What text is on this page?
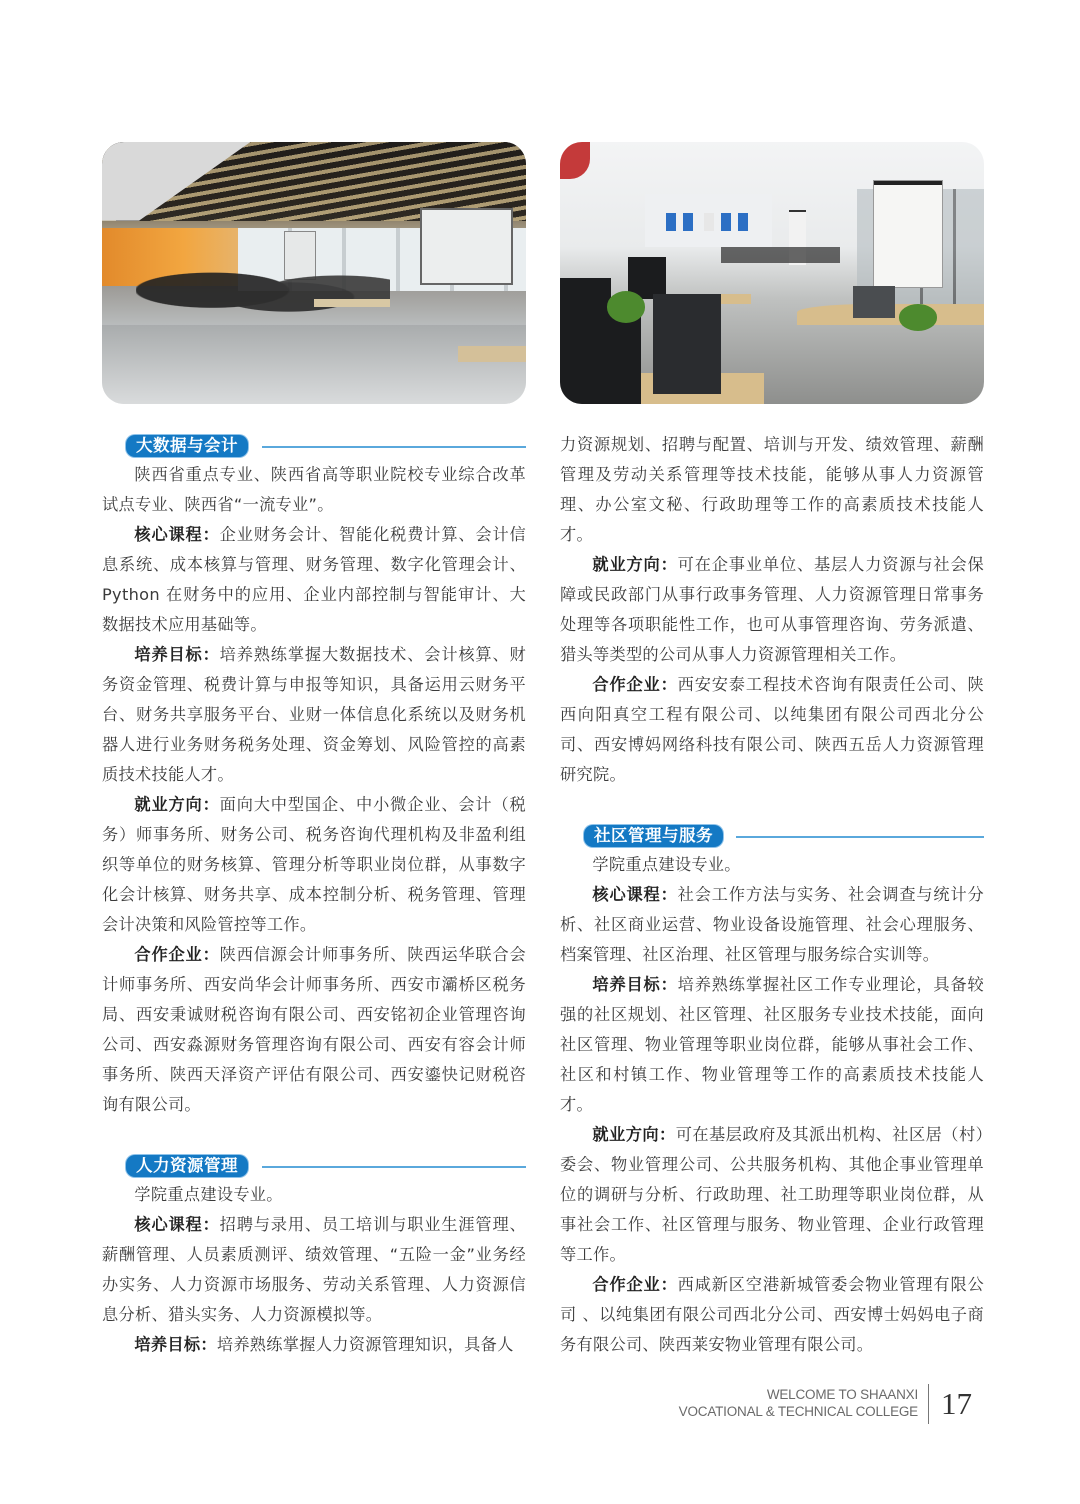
大数据与会计

陕西省重点专业、陕西省高等职业院校专业综合改革试点专业、陕西省“一流专业”。

核心课程：企业财务会计、智能化税费计算、会计信息系统、成本核算与管理、财务管理、数字化管理会计、Python 在财务中的应用、企业内部控制与智能审计、大数据技术应用基础等。

培养目标：培养熟练掌握大数据技术、会计核算、财务资金管理、税费计算与申报等知识，具备运用云财务平台、财务共享服务平台、业财一体信息化系统以及财务机器人进行业务财务税务处理、资金筹划、风险管控的高素质技术技能人才。

就业方向：面向大中型国企、中小微企业、会计（税务）师事务所、财务公司、税务咨询代理机构及非盈利组织等单位的财务核算、管理分析等职业岗位群，从事数字化会计核算、财务共享、成本控制分析、税务管理、管理会计决策和风险管控等工作。

合作企业：陕西信源会计师事务所、陕西运华联合会计师事务所、西安尚华会计师事务所、西安市灞桥区税务局、西安秉诚财税咨询有限公司、西安铭初企业管理咨询公司、西安淼源财务管理咨询有限公司、西安有容会计师事务所、陕西天泽资产评估有限公司、西安鎏快记财税咨询有限公司。

人力资源管理

学院重点建设专业。

核心课程：招聘与录用、员工培训与职业生涯管理、薪酬管理、人员素质测评、绩效管理、“五险一金”业务经办实务、人力资源市场服务、劳动关系管理、人力资源信息分析、猎头实务、人力资源模拟等。

培养目标：培养熟练掌握人力资源管理知识，具备人

力资源规划、招聘与配置、培训与开发、绩效管理、薪酬管理及劳动关系管理等技术技能，能够从事人力资源管理、办公室文秘、行政助理等工作的高素质技术技能人才。

就业方向：可在企事业单位、基层人力资源与社会保障或民政部门从事行政事务管理、人力资源管理日常事务处理等各项职能性工作，也可从事管理咨询、劳务派遣、猎头等类型的公司从事人力资源管理相关工作。

合作企业：西安安泰工程技术咨询有限责任公司、陕西向阳真空工程有限公司、以纯集团有限公司西北分公司、西安博妈网络科技有限公司、陕西五岳人力资源管理研究院。

社区管理与服务

学院重点建设专业。

核心课程：社会工作方法与实务、社会调查与统计分析、社区商业运营、物业设备设施管理、社会心理服务、档案管理、社区治理、社区管理与服务综合实训等。

培养目标：培养熟练掌握社区工作专业理论，具备较强的社区规划、社区管理、社区服务专业技术技能，面向社区管理、物业管理等职业岗位群，能够从事社会工作、社区和村镇工作、物业管理等工作的高素质技术技能人才。

就业方向：可在基层政府及其派出机构、社区居（村）委会、物业管理公司、公共服务机构、其他企事业管理单位的调研与分析、行政助理、社工助理等职业岗位群，从事社会工作、社区管理与服务、物业管理、企业行政管理等工作。

合作企业：西咸新区空港新城管委会物业管理有限公司 、以纯集团有限公司西北分公司、西安博士妈妈电子商务有限公司、陕西莱安物业管理有限公司。

WELCOME TO SHAANXI
VOCATIONAL & TECHNICAL COLLEGE 17
